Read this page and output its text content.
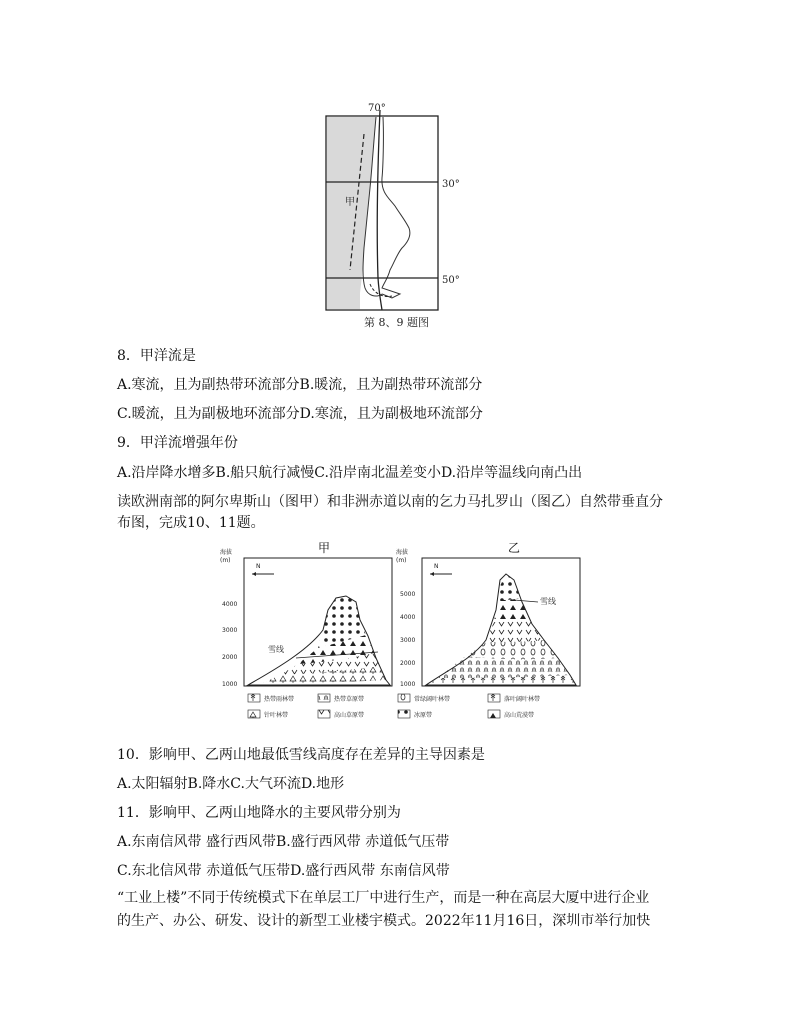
70°
30°
50°
甲
第 8、9 题图
8．甲洋流是
A.寒流，且为副热带环流部分B.暖流，且为副热带环流部分
C.暖流，且为副极地环流部分D.寒流，且为副极地环流部分
9．甲洋流增强年份
A.沿岸降水增多B.船只航行减慢C.沿岸南北温差变小D.沿岸等温线向南凸出
读欧洲南部的阿尔卑斯山（图甲）和非洲赤道以南的乞力马扎罗山（图乙）自然带垂直分
布图，完成10、11题。
甲	乙
海拔
(m)
N
4000
3000
2000
1000
雪线
海拔
(m)
N
5000
4000
3000
2000
1000
雪线
热带雨林带	热带草原带	常绿阔叶林带	落叶阔叶林带
针叶林带	高山草原带	冰原带	高山荒漠带
10．影响甲、乙两山地最低雪线高度存在差异的主导因素是
A.太阳辐射B.降水C.大气环流D.地形
11．影响甲、乙两山地降水的主要风带分别为
A.东南信风带 盛行西风带B.盛行西风带 赤道低气压带
C.东北信风带 赤道低气压带D.盛行西风带 东南信风带
“工业上楼”不同于传统模式下在单层工厂中进行生产，而是一种在高层大厦中进行企业
的生产、办公、研发、设计的新型工业楼宇模式。2022年11月16日，深圳市举行加快
